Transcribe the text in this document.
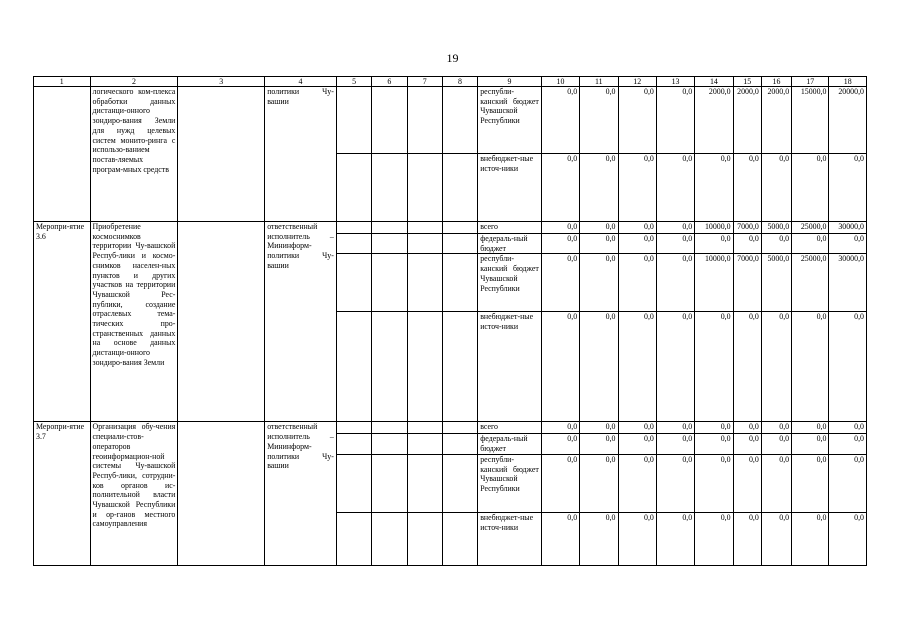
19
1	2	3	4	5	6	7	8	9	10	11	12	13	14	15	16	17	18
	логического ком-плекса обработки данных дистанци-онного зондиро-вания Земли для нужд целевых систем монито-ринга с использо-ванием постав-ляемых програм-мных средств		политики Чу-вашии					республи-канский бюджет Чувашской Республики	0,0	0,0	0,0	0,0	2000,0	2000,0	2000,0	15000,0	20000,0
								внебюджет-ные источ-ники	0,0	0,0	0,0	0,0	0,0	0,0	0,0	0,0	0,0
Меропри-ятие 3.6	Приобретение космоснимков территории Чу-вашской Респуб-лики и космо-снимков населен-ных пунктов и других участков на территории Чувашской Рес-публики, создание отраслевых тема-тических про-странственных данных на основе данных дистанци-онного зондиро-вания Земли		ответственный исполнитель – Мининформ-политики Чу-вашии					всего	0,0	0,0	0,0	0,0	10000,0	7000,0	5000,0	25000,0	30000,0
								федераль-ный бюджет	0,0	0,0	0,0	0,0	0,0	0,0	0,0	0,0	0,0
								республи-канский бюджет Чувашской Республики	0,0	0,0	0,0	0,0	10000,0	7000,0	5000,0	25000,0	30000,0
								внебюджет-ные источ-ники	0,0	0,0	0,0	0,0	0,0	0,0	0,0	0,0	0,0
Меропри-ятие 3.7	Организация обу-чения специали-стов-операторов геоинформацион-ной системы Чу-вашской Респуб-лики, сотрудни-ков органов ис-полнительной власти Чувашской Республики и ор-ганов местного самоуправления		ответственный исполнитель – Мининформ-политики Чу-вашии					всего	0,0	0,0	0,0	0,0	0,0	0,0	0,0	0,0	0,0
								федераль-ный бюджет	0,0	0,0	0,0	0,0	0,0	0,0	0,0	0,0	0,0
								республи-канский бюджет Чувашской Республики	0,0	0,0	0,0	0,0	0,0	0,0	0,0	0,0	0,0
								внебюджет-ные источ-ники	0,0	0,0	0,0	0,0	0,0	0,0	0,0	0,0	0,0
